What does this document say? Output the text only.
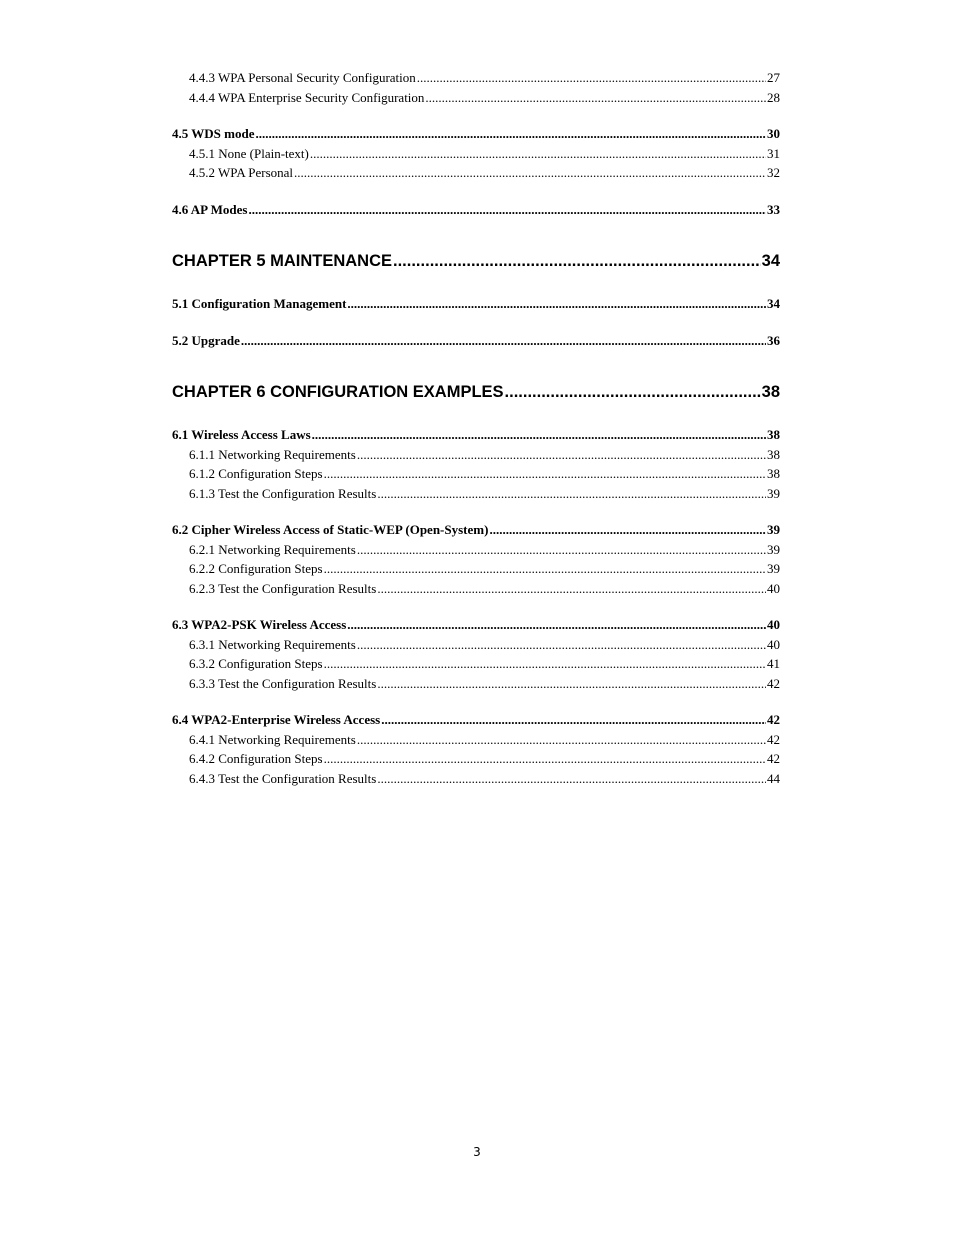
4.4.3 WPA Personal Security Configuration .....	27
4.4.4 WPA Enterprise Security Configuration .....	28
4.5 WDS mode .....	30
4.5.1 None (Plain-text) .....	31
4.5.2 WPA Personal .....	32
4.6 AP Modes .....	33
CHAPTER 5 MAINTENANCE .....	34
5.1 Configuration Management .....	34
5.2 Upgrade .....	36
CHAPTER 6 CONFIGURATION EXAMPLES .....	38
6.1 Wireless Access Laws .....	38
6.1.1 Networking Requirements .....	38
6.1.2 Configuration Steps .....	38
6.1.3 Test the Configuration Results .....	39
6.2 Cipher Wireless Access of Static-WEP (Open-System) .....	39
6.2.1 Networking Requirements .....	39
6.2.2 Configuration Steps .....	39
6.2.3 Test the Configuration Results .....	40
6.3 WPA2-PSK Wireless Access .....	40
6.3.1 Networking Requirements .....	40
6.3.2 Configuration Steps .....	41
6.3.3 Test the Configuration Results .....	42
6.4 WPA2-Enterprise Wireless Access .....	42
6.4.1 Networking Requirements .....	42
6.4.2 Configuration Steps .....	42
6.4.3 Test the Configuration Results .....	44
3
